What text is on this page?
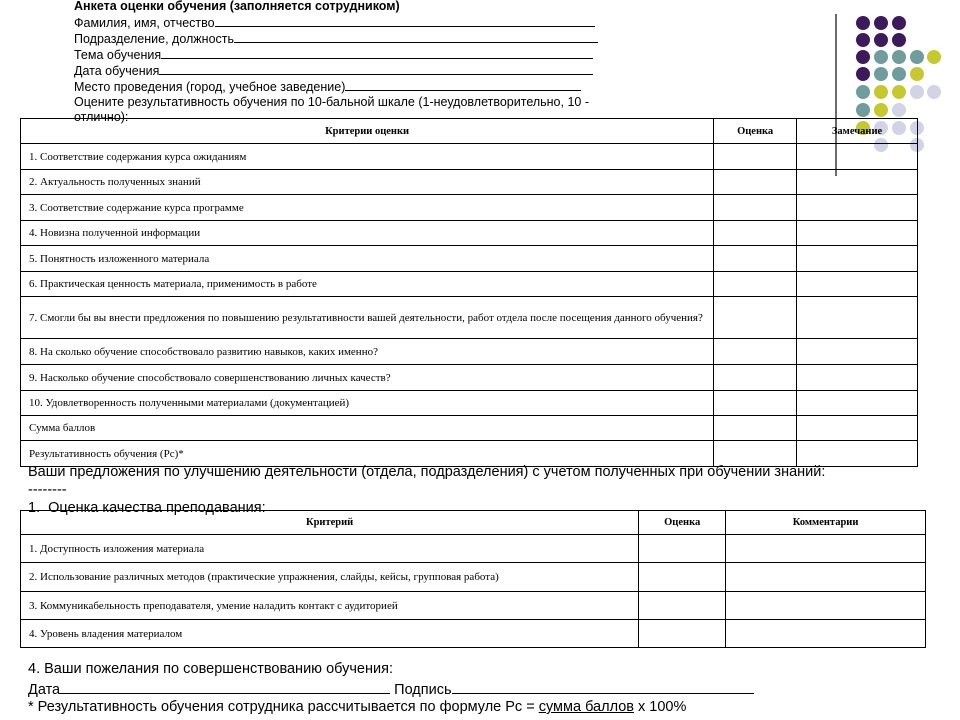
Анкета оценки обучения (заполняется сотрудником)
Фамилия, имя, отчество
Подразделение, должность
Тема обучения
Дата обучения
Место проведения (город, учебное заведение)
Оцените результативность обучения по 10-бальной шкале (1-неудовлетворительно, 10 - отлично):
Критерии оценки	Оценка	Замечание
1. Соответствие содержания курса ожиданиям		
2. Актуальность полученных знаний		
3. Соответствие содержание курса программе		
4. Новизна полученной информации		
5. Понятность изложенного материала		
6. Практическая ценность материала, применимость в работе		
7. Смогли бы вы внести предложения по повышению результативности вашей деятельности, работ отдела после посещения данного обучения?		
8. На сколько обучение способствовало развитию навыков, каких именно?		
9. Насколько обучение способствовало совершенствованию личных качеств?		
10. Удовлетворенность полученными материалами (документацией)		
Сумма баллов		
Результативность обучения (Рс)*		
Ваши предложения по улучшению деятельности (отдела, подразделения) с учетом полученных при обучении знаний:
--------
1. Оценка качества преподавания:
Критерий	Оценка	Комментарии
1. Доступность изложения материала		
2. Использование различных методов (практические упражнения, слайды, кейсы, групповая работа)		
3. Коммуникабельность преподавателя, умение наладить контакт с аудиторией		
4. Уровень владения материалом		
4. Ваши пожелания по совершенствованию обучения:
Дата	Подпись
* Результативность обучения сотрудника рассчитывается по формуле Рс = сумма баллов х 100%
